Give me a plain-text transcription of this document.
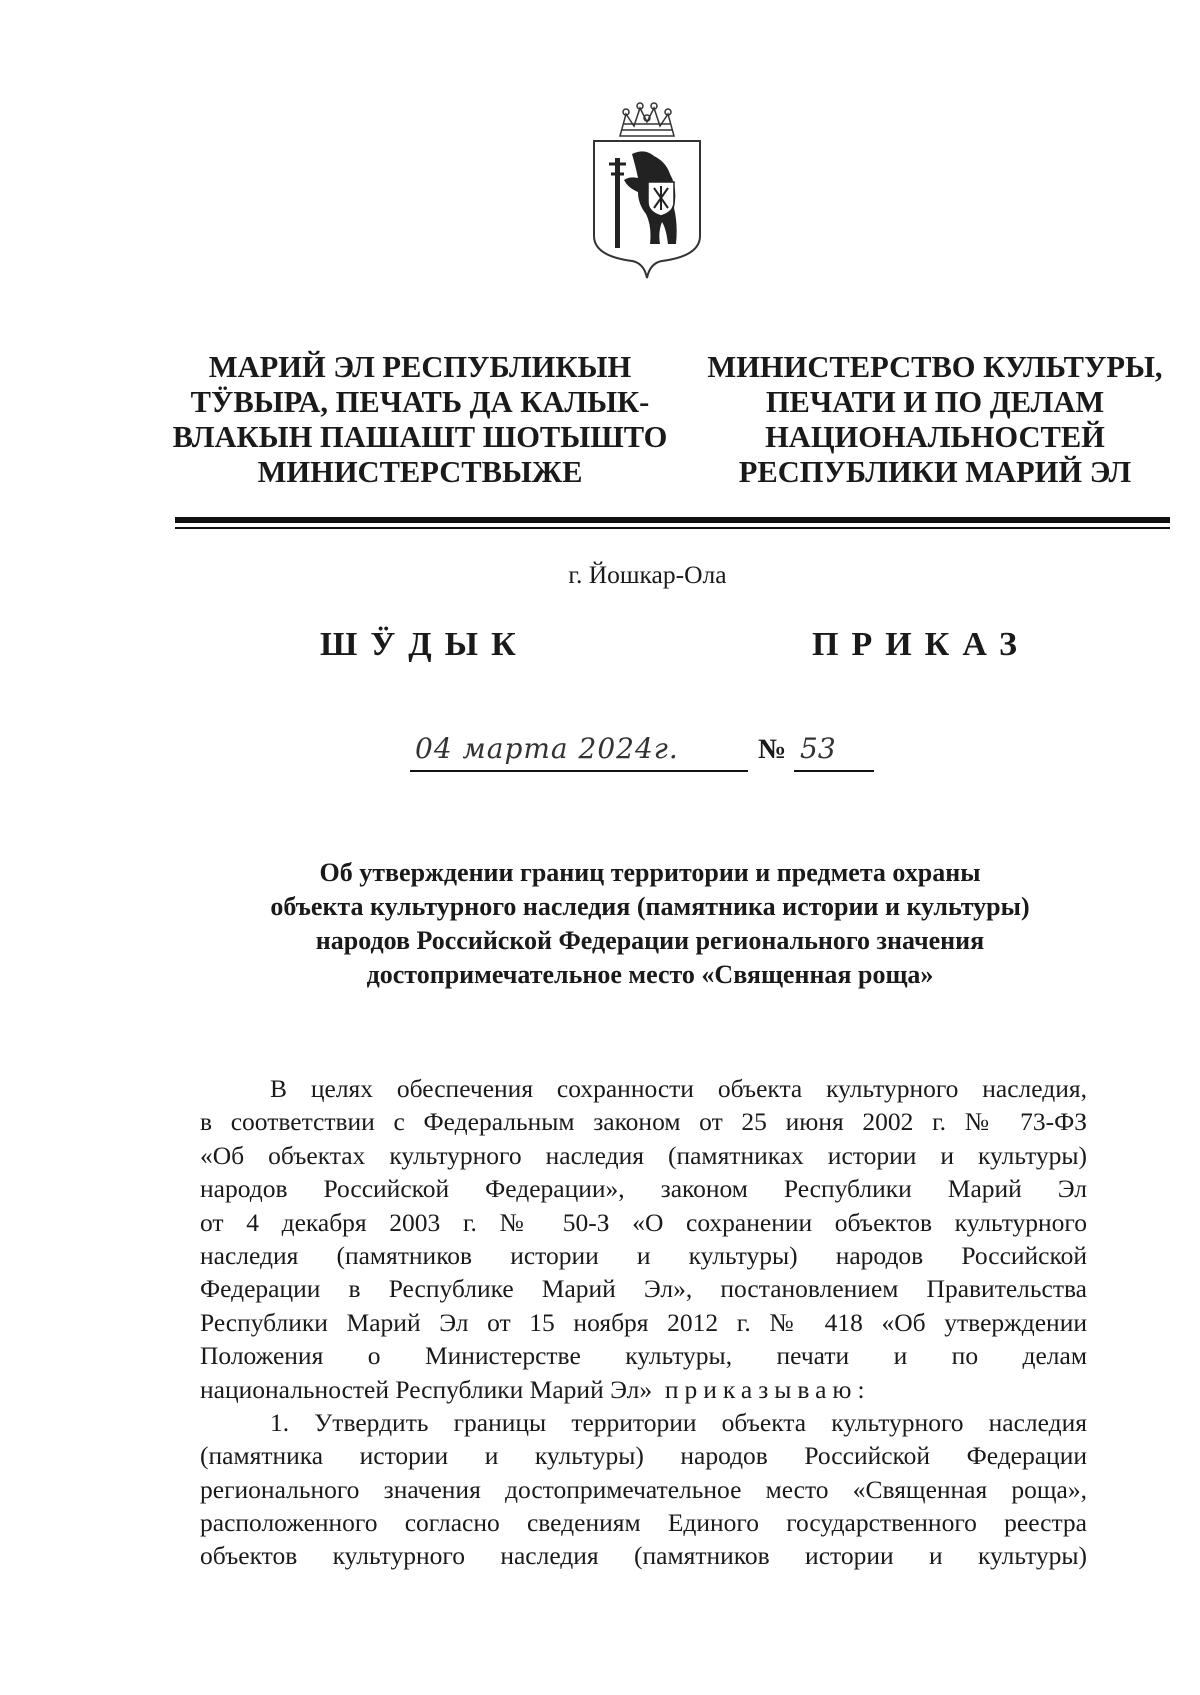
МАРИЙ ЭЛ РЕСПУБЛИКЫН
ТӰВЫРА, ПЕЧАТЬ ДА КАЛЫК-
ВЛАКЫН ПАШАШТ ШОТЫШТО
МИНИСТЕРСТВЫЖЕ
МИНИСТЕРСТВО КУЛЬТУРЫ,
ПЕЧАТИ И ПО ДЕЛАМ
НАЦИОНАЛЬНОСТЕЙ
РЕСПУБЛИКИ МАРИЙ ЭЛ
г. Йошкар-Ола
ШӰДЫК	ПРИКАЗ
04 марта 2024г.	№ 53
Об утверждении границ территории и предмета охраны
объекта культурного наследия (памятника истории и культуры)
народов Российской Федерации регионального значения
достопримечательное место «Священная роща»
В целях обеспечения сохранности объекта культурного наследия,
в соответствии с Федеральным законом от 25 июня 2002 г. № 73-ФЗ
«Об объектах культурного наследия (памятниках истории и культуры)
народов Российской Федерации», законом Республики Марий Эл
от 4 декабря 2003 г. № 50-З «О сохранении объектов культурного
наследия (памятников истории и культуры) народов Российской
Федерации в Республике Марий Эл», постановлением Правительства
Республики Марий Эл от 15 ноября 2012 г. № 418 «Об утверждении
Положения о Министерстве культуры, печати и по делам
национальностей Республики Марий Эл» приказываю:
1. Утвердить границы территории объекта культурного наследия
(памятника истории и культуры) народов Российской Федерации
регионального значения достопримечательное место «Священная роща»,
расположенного согласно сведениям Единого государственного реестра
объектов культурного наследия (памятников истории и культуры)
